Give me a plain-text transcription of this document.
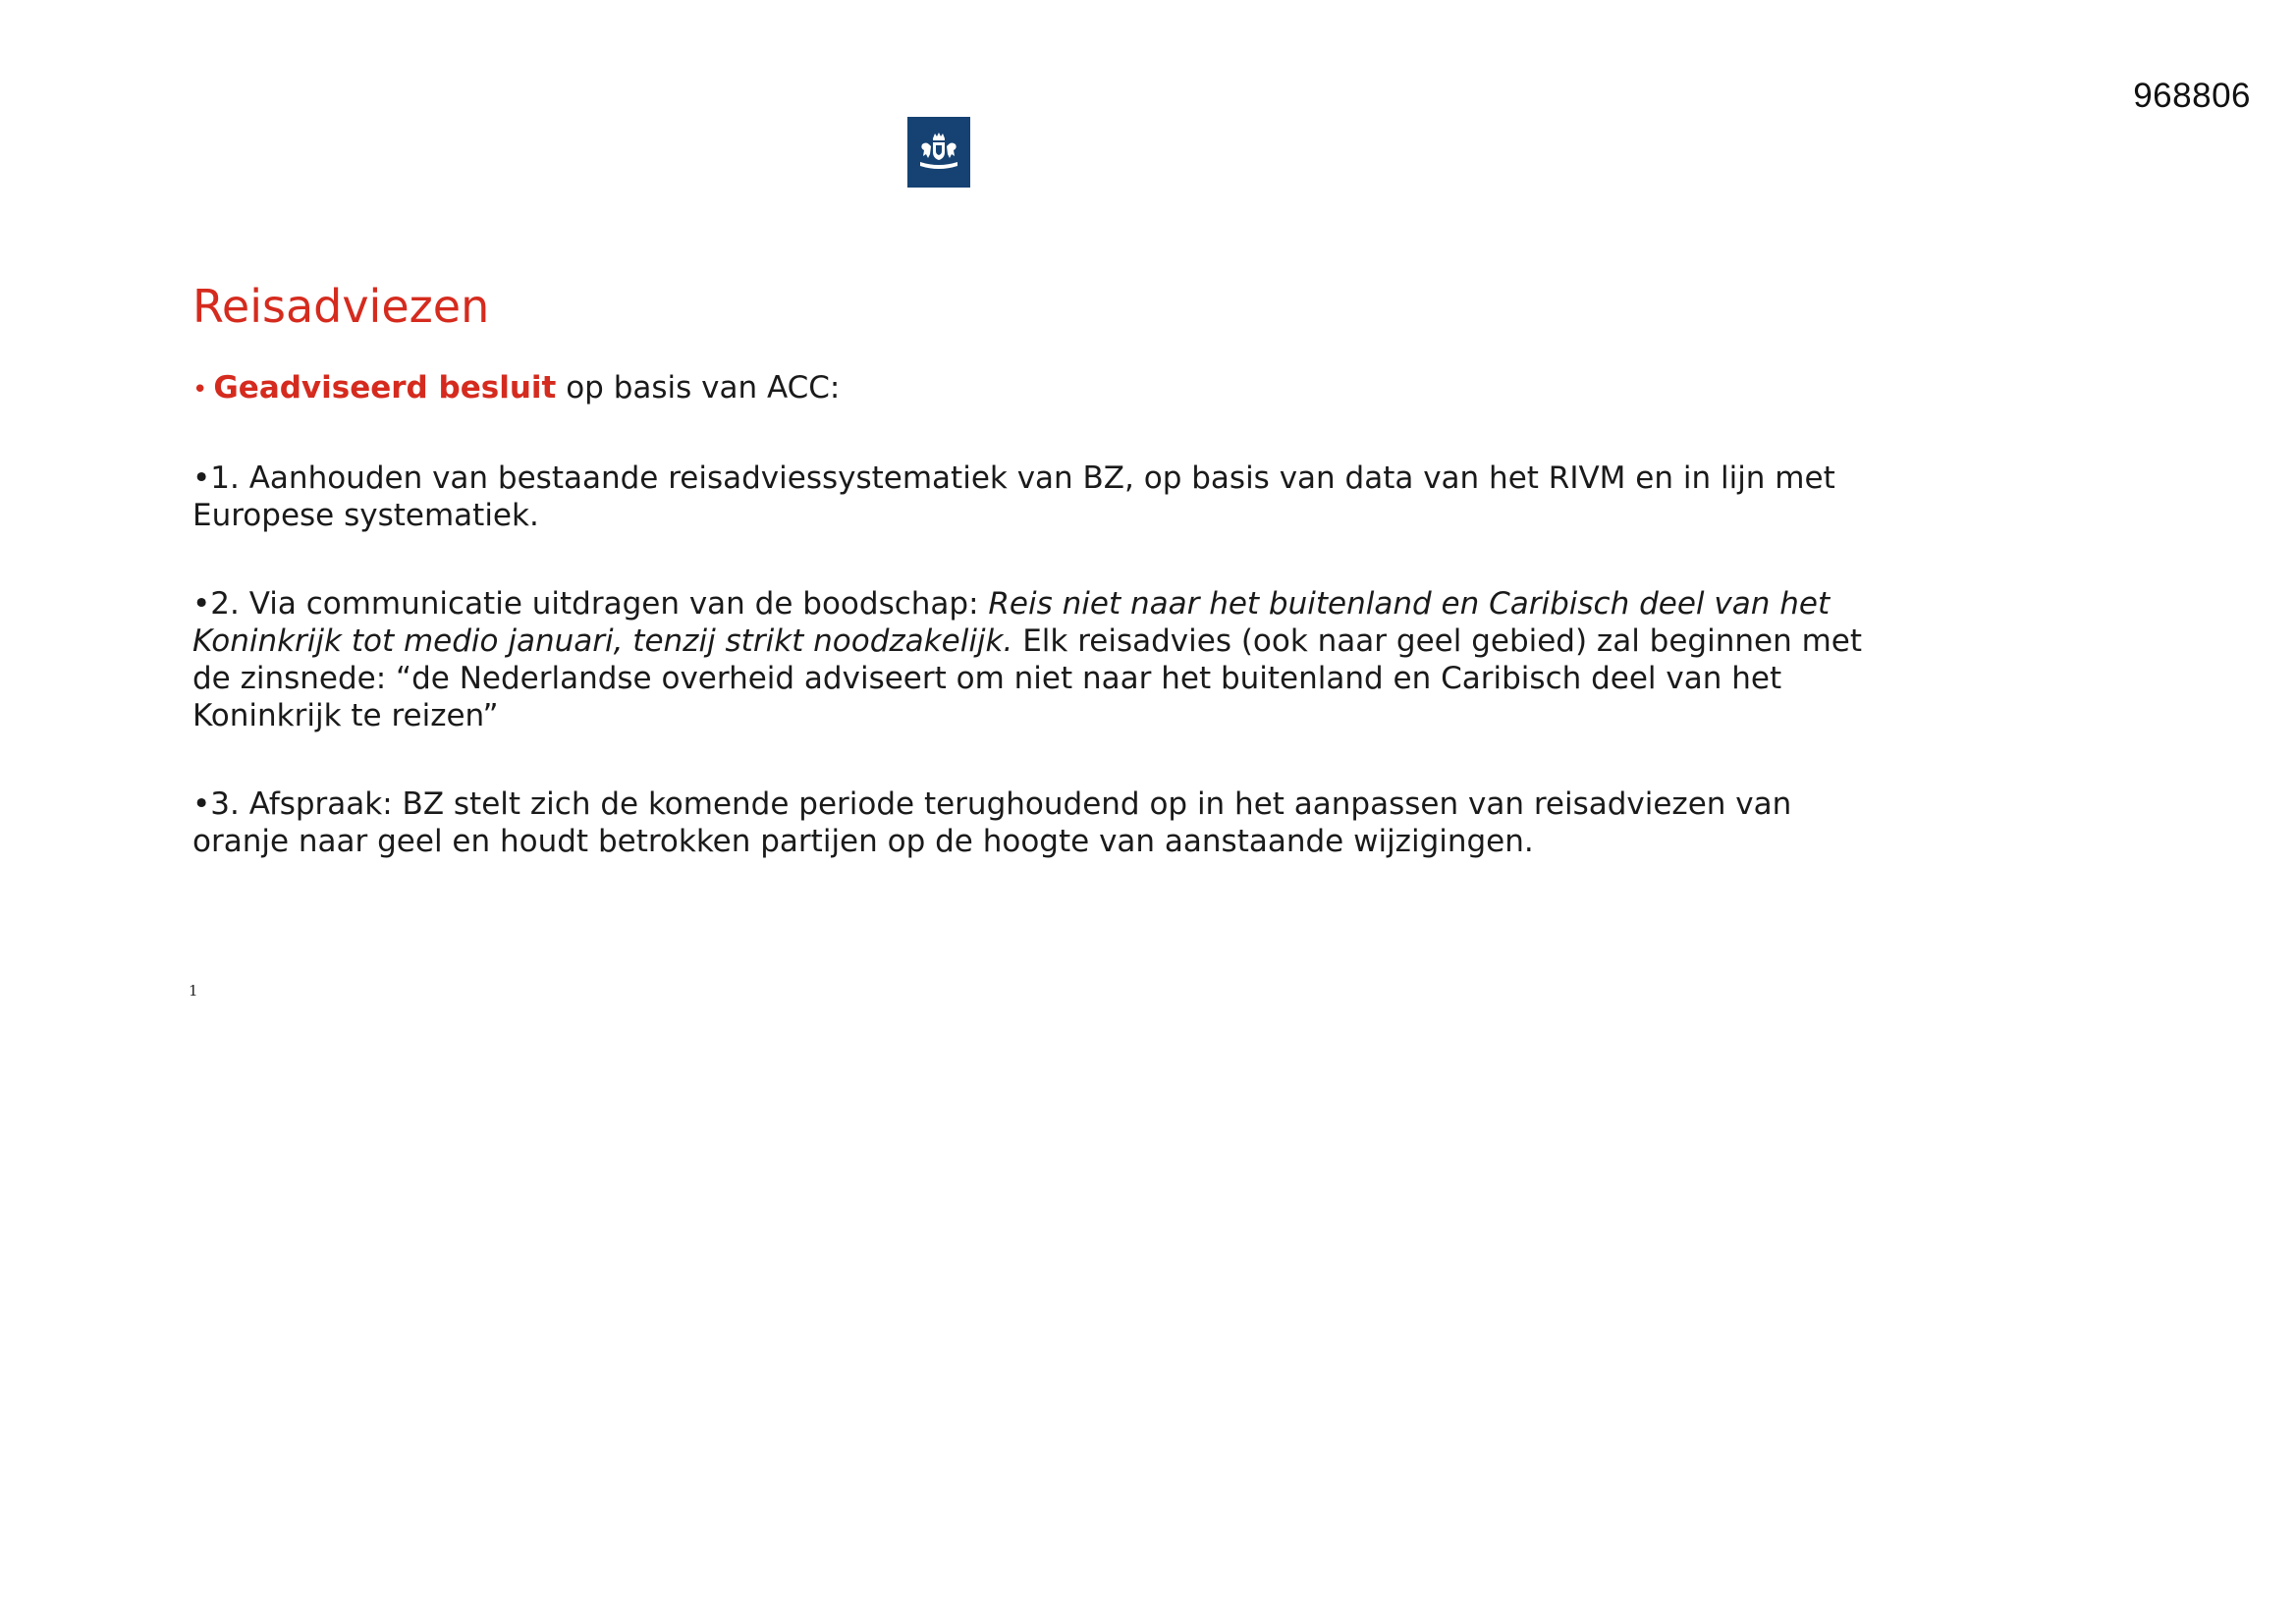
968806
Reisadviezen

• Geadviseerd besluit op basis van ACC:

•1. Aanhouden van bestaande reisadviessystematiek van BZ, op basis van data van het RIVM en in lijn met Europese systematiek.

•2. Via communicatie uitdragen van de boodschap: Reis niet naar het buitenland en Caribisch deel van het Koninkrijk tot medio januari, tenzij strikt noodzakelijk. Elk reisadvies (ook naar geel gebied) zal beginnen met de zinsnede: “de Nederlandse overheid adviseert om niet naar het buitenland en Caribisch deel van het Koninkrijk te reizen”

•3. Afspraak: BZ stelt zich de komende periode terughoudend op in het aanpassen van reisadviezen van oranje naar geel en houdt betrokken partijen op de hoogte van aanstaande wijzigingen.

1
